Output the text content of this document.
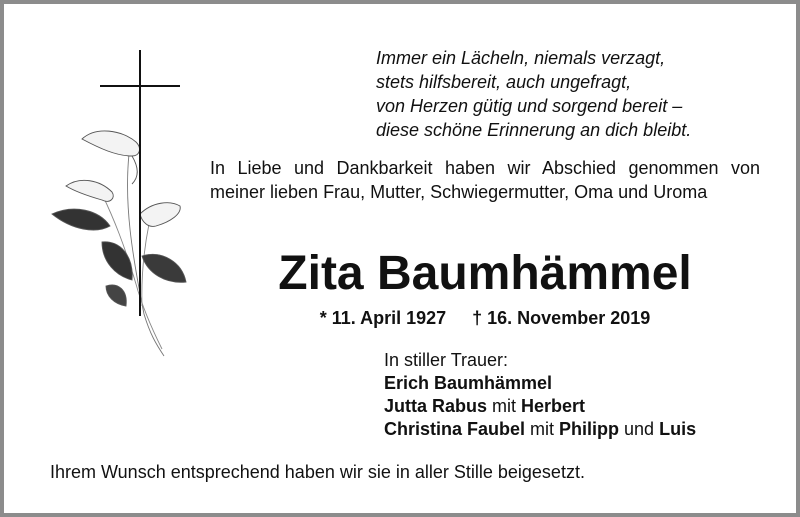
Immer ein Lächeln, niemals verzagt,
stets hilfsbereit, auch ungefragt,
von Herzen gütig und sorgend bereit –
diese schöne Erinnerung an dich bleibt.
In Liebe und Dankbarkeit haben wir Abschied genommen von meiner lieben Frau, Mutter, Schwiegermutter, Oma und Uroma
Zita Baumhämmel
* 11. April 1927 † 16. November 2019
In stiller Trauer:
Erich Baumhämmel
Jutta Rabus mit Herbert
Christina Faubel mit Philipp und Luis
Ihrem Wunsch entsprechend haben wir sie in aller Stille beigesetzt.
